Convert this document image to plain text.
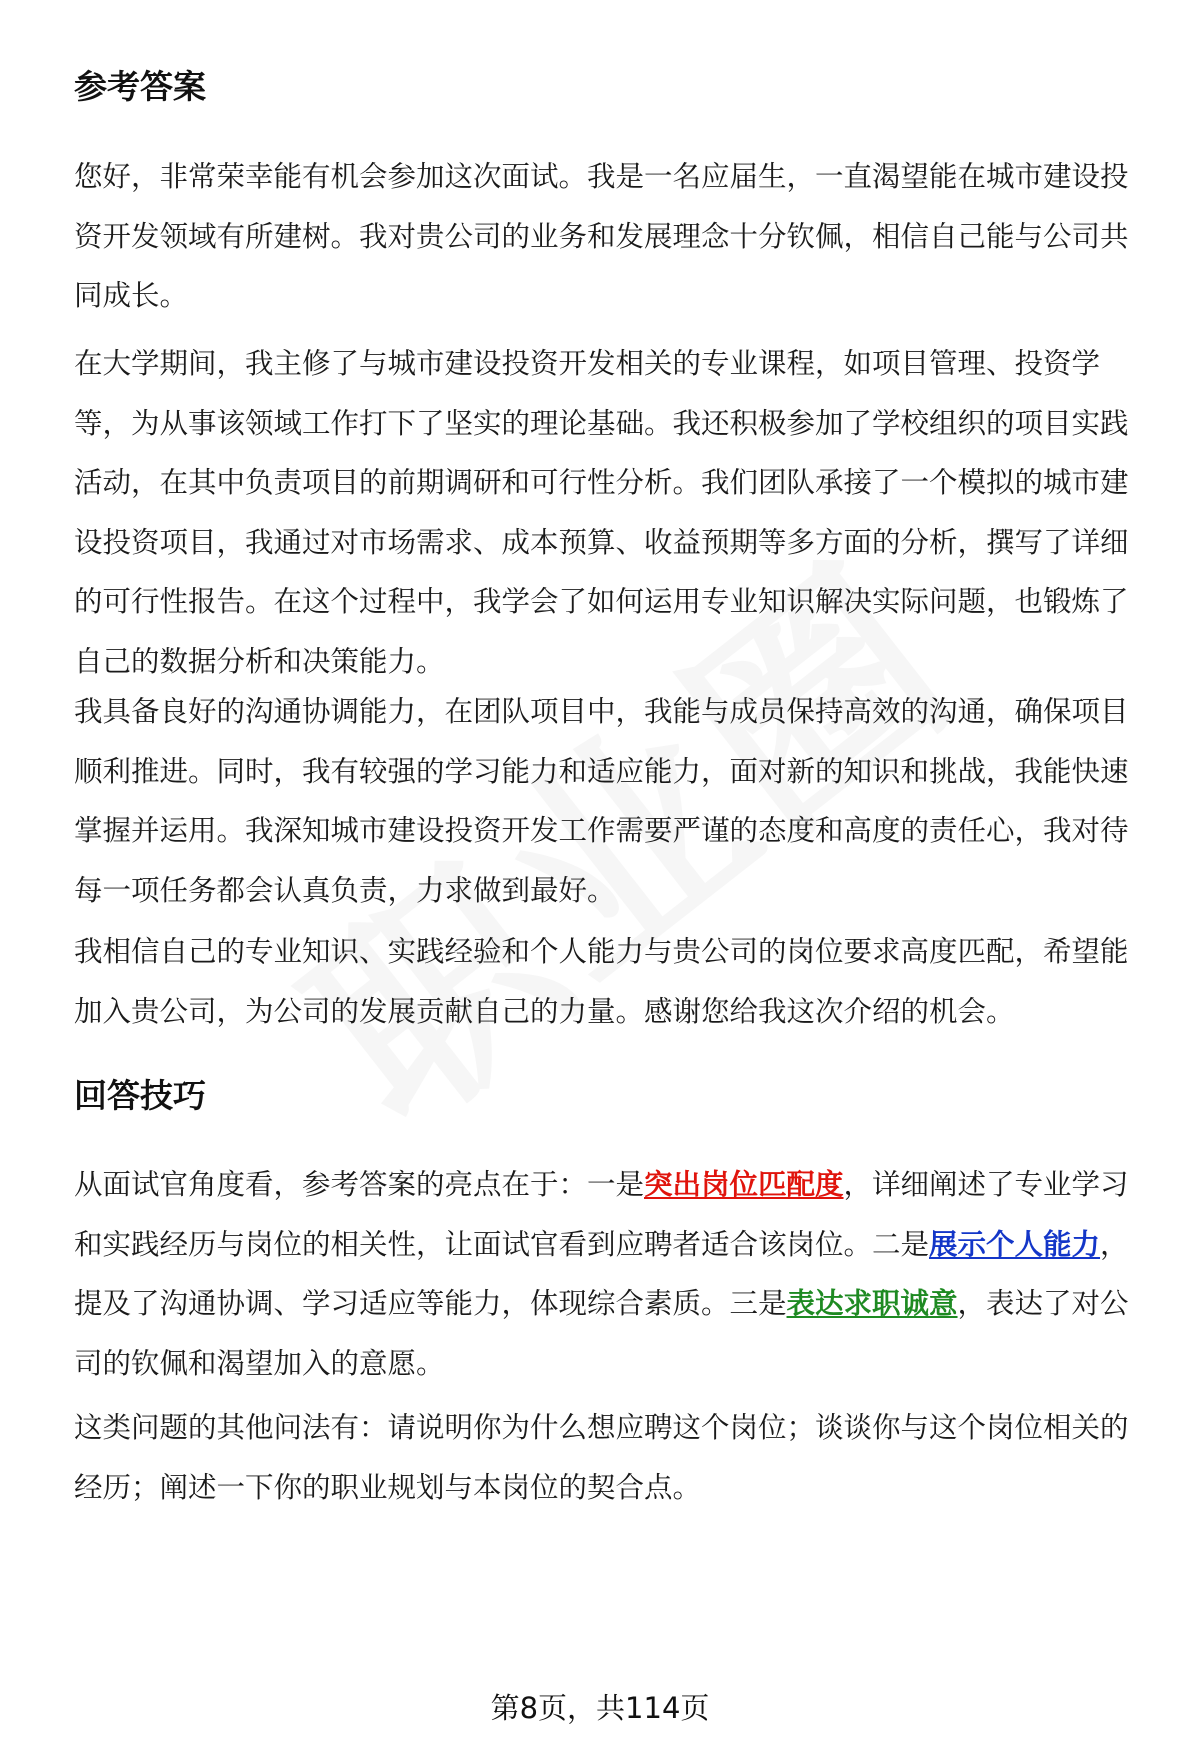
参考答案

您好，非常荣幸能有机会参加这次面试。我是一名应届生，一直渴望能在城市建设投资开发领域有所建树。我对贵公司的业务和发展理念十分钦佩，相信自己能与公司共同成长。

在大学期间，我主修了与城市建设投资开发相关的专业课程，如项目管理、投资学等，为从事该领域工作打下了坚实的理论基础。我还积极参加了学校组织的项目实践活动，在其中负责项目的前期调研和可行性分析。我们团队承接了一个模拟的城市建设投资项目，我通过对市场需求、成本预算、收益预期等多方面的分析，撰写了详细的可行性报告。在这个过程中，我学会了如何运用专业知识解决实际问题，也锻炼了自己的数据分析和决策能力。

我具备良好的沟通协调能力，在团队项目中，我能与成员保持高效的沟通，确保项目顺利推进。同时，我有较强的学习能力和适应能力，面对新的知识和挑战，我能快速掌握并运用。我深知城市建设投资开发工作需要严谨的态度和高度的责任心，我对待每一项任务都会认真负责，力求做到最好。

我相信自己的专业知识、实践经验和个人能力与贵公司的岗位要求高度匹配，希望能加入贵公司，为公司的发展贡献自己的力量。感谢您给我这次介绍的机会。

回答技巧

从面试官角度看，参考答案的亮点在于：一是突出岗位匹配度，详细阐述了专业学习和实践经历与岗位的相关性，让面试官看到应聘者适合该岗位。二是展示个人能力，提及了沟通协调、学习适应等能力，体现综合素质。三是表达求职诚意，表达了对公司的钦佩和渴望加入的意愿。

这类问题的其他问法有：请说明你为什么想应聘这个岗位；谈谈你与这个岗位相关的经历；阐述一下你的职业规划与本岗位的契合点。

第8页，共114页
